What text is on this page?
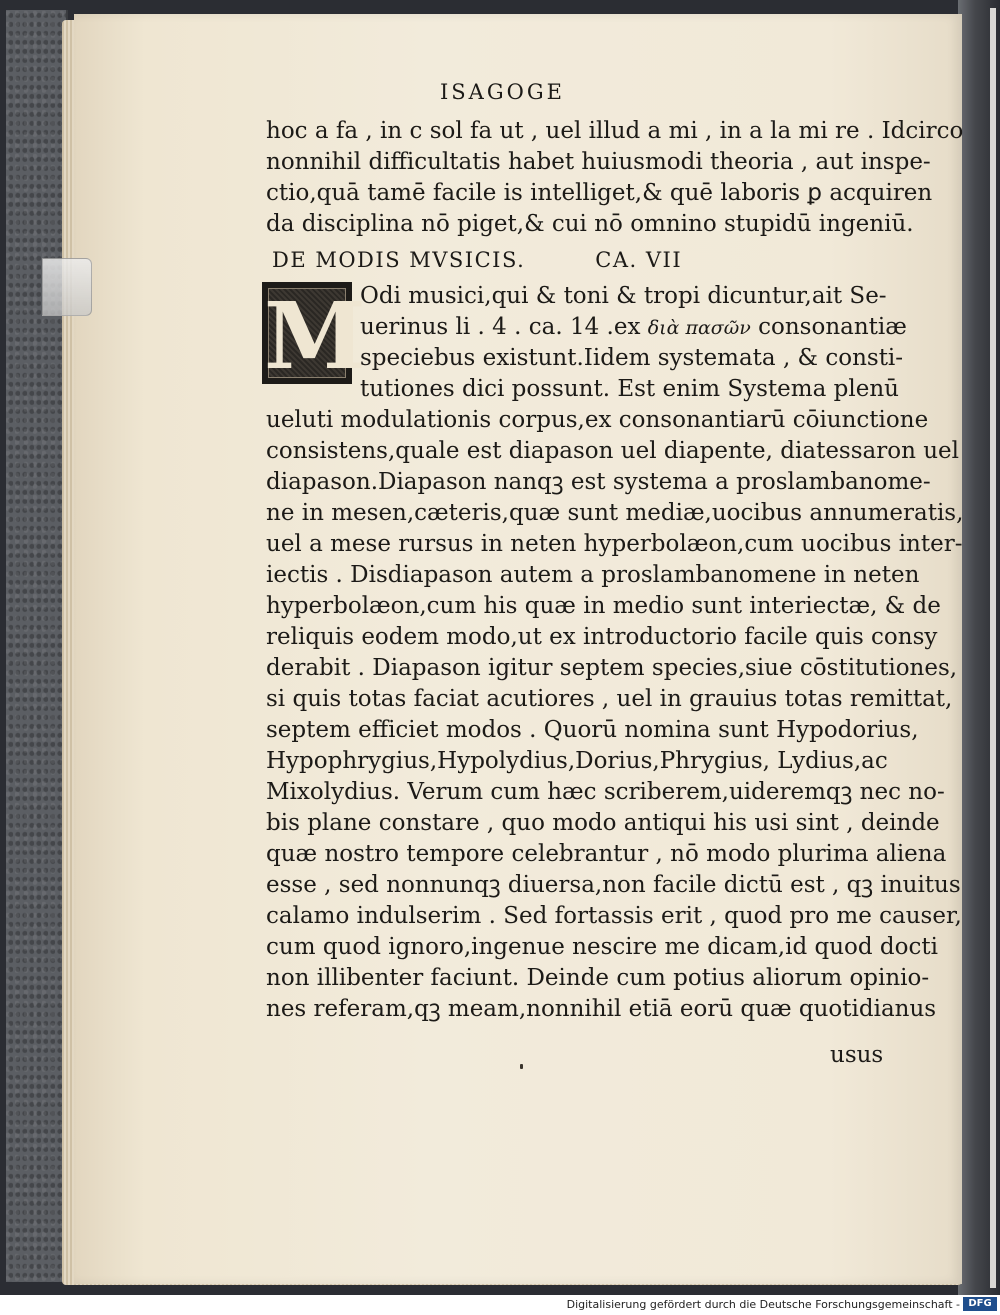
ISAGOGE
hoc a fa , in c sol fa ut , uel illud a mi , in a la mi re . Idcirco
nonnihil difficultatis habet huiusmodi theoria , aut inspe-
ctio,quā tamē facile is intelliget,& quē laboris ꝑ acquiren
da disciplina nō piget,& cui nō omnino stupidū ingeniū.
DE MODIS MVSICIS.	CA. VII
M
Odi musici,qui & toni & tropi dicuntur,ait Se-
uerinus li . 4 . ca. 14 .ex διὰ πασῶν consonantiæ
speciebus existunt.Iidem systemata , & consti-
tutiones dici possunt. Est enim Systema plenū
ueluti modulationis corpus,ex consonantiarū cōiunctione
consistens,quale est diapason uel diapente, diatessaron uel
diapason.Diapason nanqꝫ est systema a proslambanome-
ne in mesen,cæteris,quæ sunt mediæ,uocibus annumeratis,
uel a mese rursus in neten hyperbolæon,cum uocibus inter-
iectis . Disdiapason autem a proslambanomene in neten
hyperbolæon,cum his quæ in medio sunt interiectæ, & de
reliquis eodem modo,ut ex introductorio facile quis consy
derabit . Diapason igitur septem species,siue cōstitutiones,
si quis totas faciat acutiores , uel in grauius totas remittat,
septem efficiet modos . Quorū nomina sunt Hypodorius,
Hypophrygius,Hypolydius,Dorius,Phrygius, Lydius,ac
Mixolydius. Verum cum hæc scriberem,uideremqꝫ nec no-
bis plane constare , quo modo antiqui his usi sint , deinde
quæ nostro tempore celebrantur , nō modo plurima aliena
esse , sed nonnunqꝫ diuersa,non facile dictū est , qꝫ inuitus
calamo indulserim . Sed fortassis erit , quod pro me causer,
cum quod ignoro,ingenue nescire me dicam,id quod docti
non illibenter faciunt. Deinde cum potius aliorum opinio-
nes referam,qꝫ meam,nonnihil etiā eorū quæ quotidianus
usus
Digitalisierung gefördert durch die Deutsche Forschungsgemeinschaft - DFG
